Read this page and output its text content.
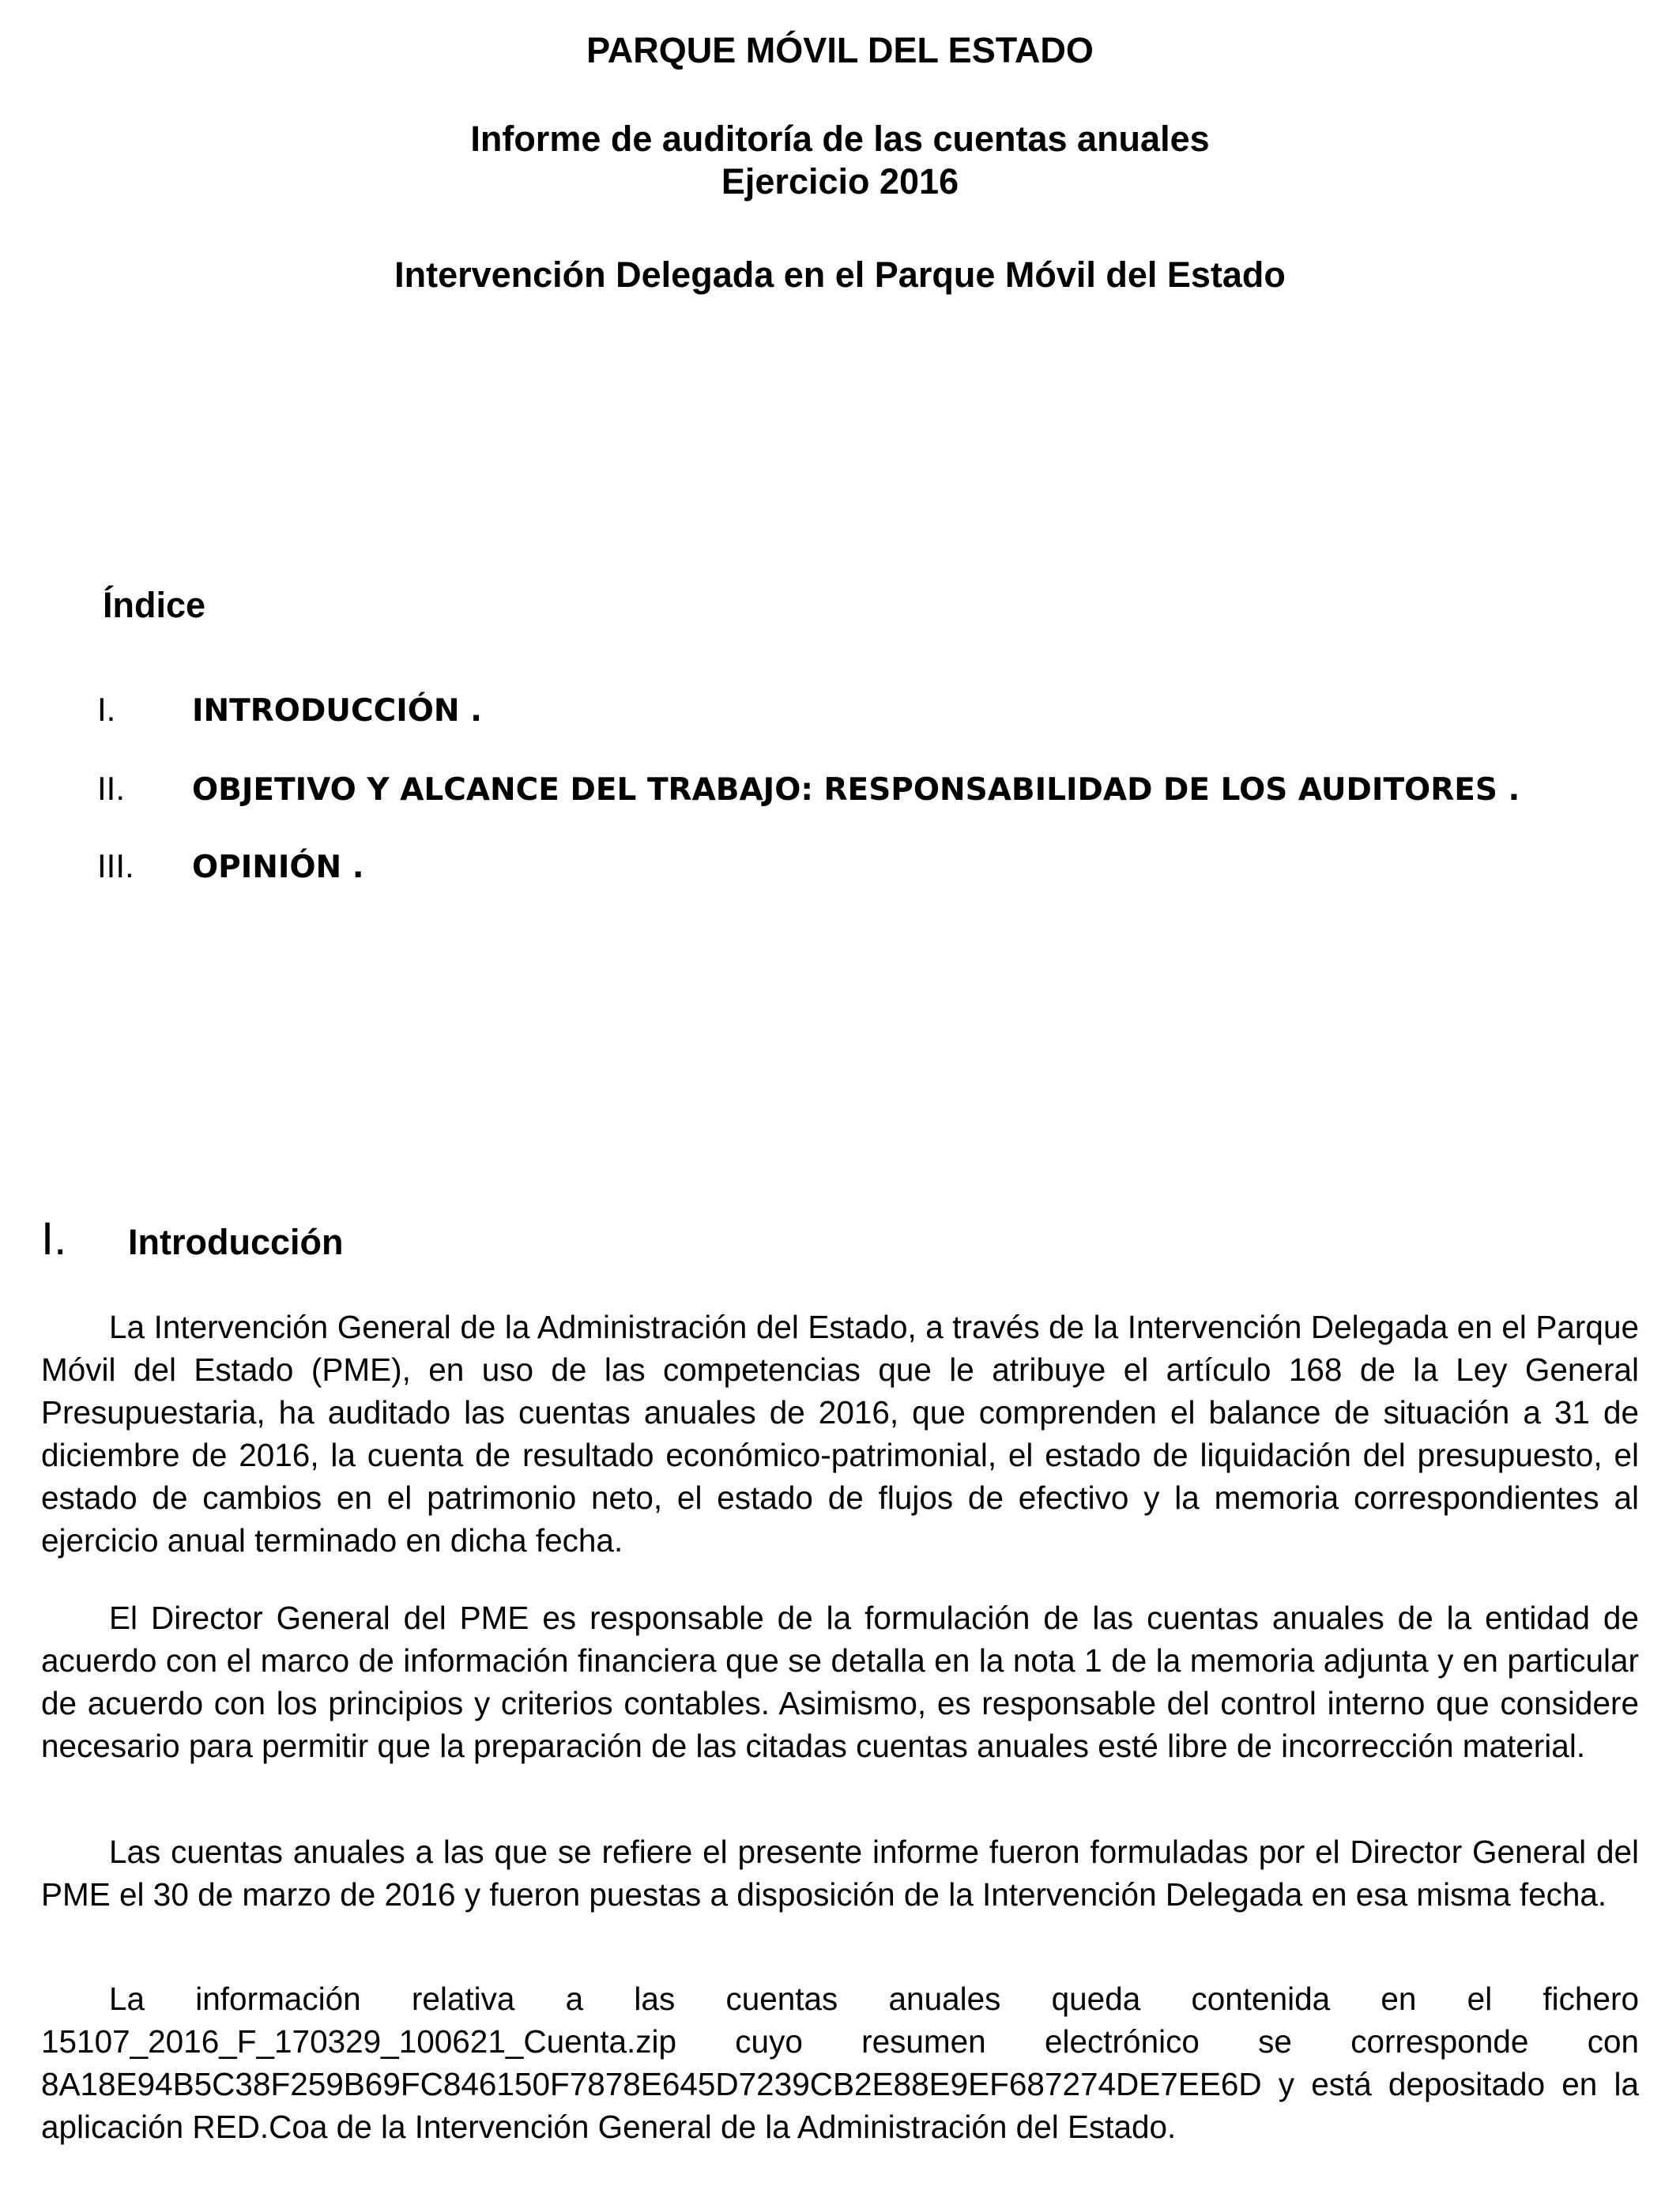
PARQUE MÓVIL DEL ESTADO
Informe de auditoría de las cuentas anuales
Ejercicio 2016
Intervención Delegada en el Parque Móvil del Estado
Índice
I. INTRODUCCIÓN .
II. OBJETIVO Y ALCANCE DEL TRABAJO: RESPONSABILIDAD DE LOS AUDITORES .
III. OPINIÓN .
I. Introducción

La Intervención General de la Administración del Estado, a través de la Intervención Delegada en el Parque Móvil del Estado (PME), en uso de las competencias que le atribuye el artículo 168 de la Ley General Presupuestaria, ha auditado las cuentas anuales de 2016, que comprenden el balance de situación a 31 de diciembre de 2016, la cuenta de resultado económico-patrimonial, el estado de liquidación del presupuesto, el estado de cambios en el patrimonio neto, el estado de flujos de efectivo y la memoria correspondientes al ejercicio anual terminado en dicha fecha.

El Director General del PME es responsable de la formulación de las cuentas anuales de la entidad de acuerdo con el marco de información financiera que se detalla en la nota 1 de la memoria adjunta y en particular de acuerdo con los principios y criterios contables. Asimismo, es responsable del control interno que considere necesario para permitir que la preparación de las citadas cuentas anuales esté libre de incorrección material.

Las cuentas anuales a las que se refiere el presente informe fueron formuladas por el Director General del PME el 30 de marzo de 2016 y fueron puestas a disposición de la Intervención Delegada en esa misma fecha.

La información relativa a las cuentas anuales queda contenida en el fichero 15107_2016_F_170329_100621_Cuenta.zip cuyo resumen electrónico se corresponde con 8A18E94B5C38F259B69FC846150F7878E645D7239CB2E88E9EF687274DE7EE6D y está depositado en la aplicación RED.Coa de la Intervención General de la Administración del Estado.
